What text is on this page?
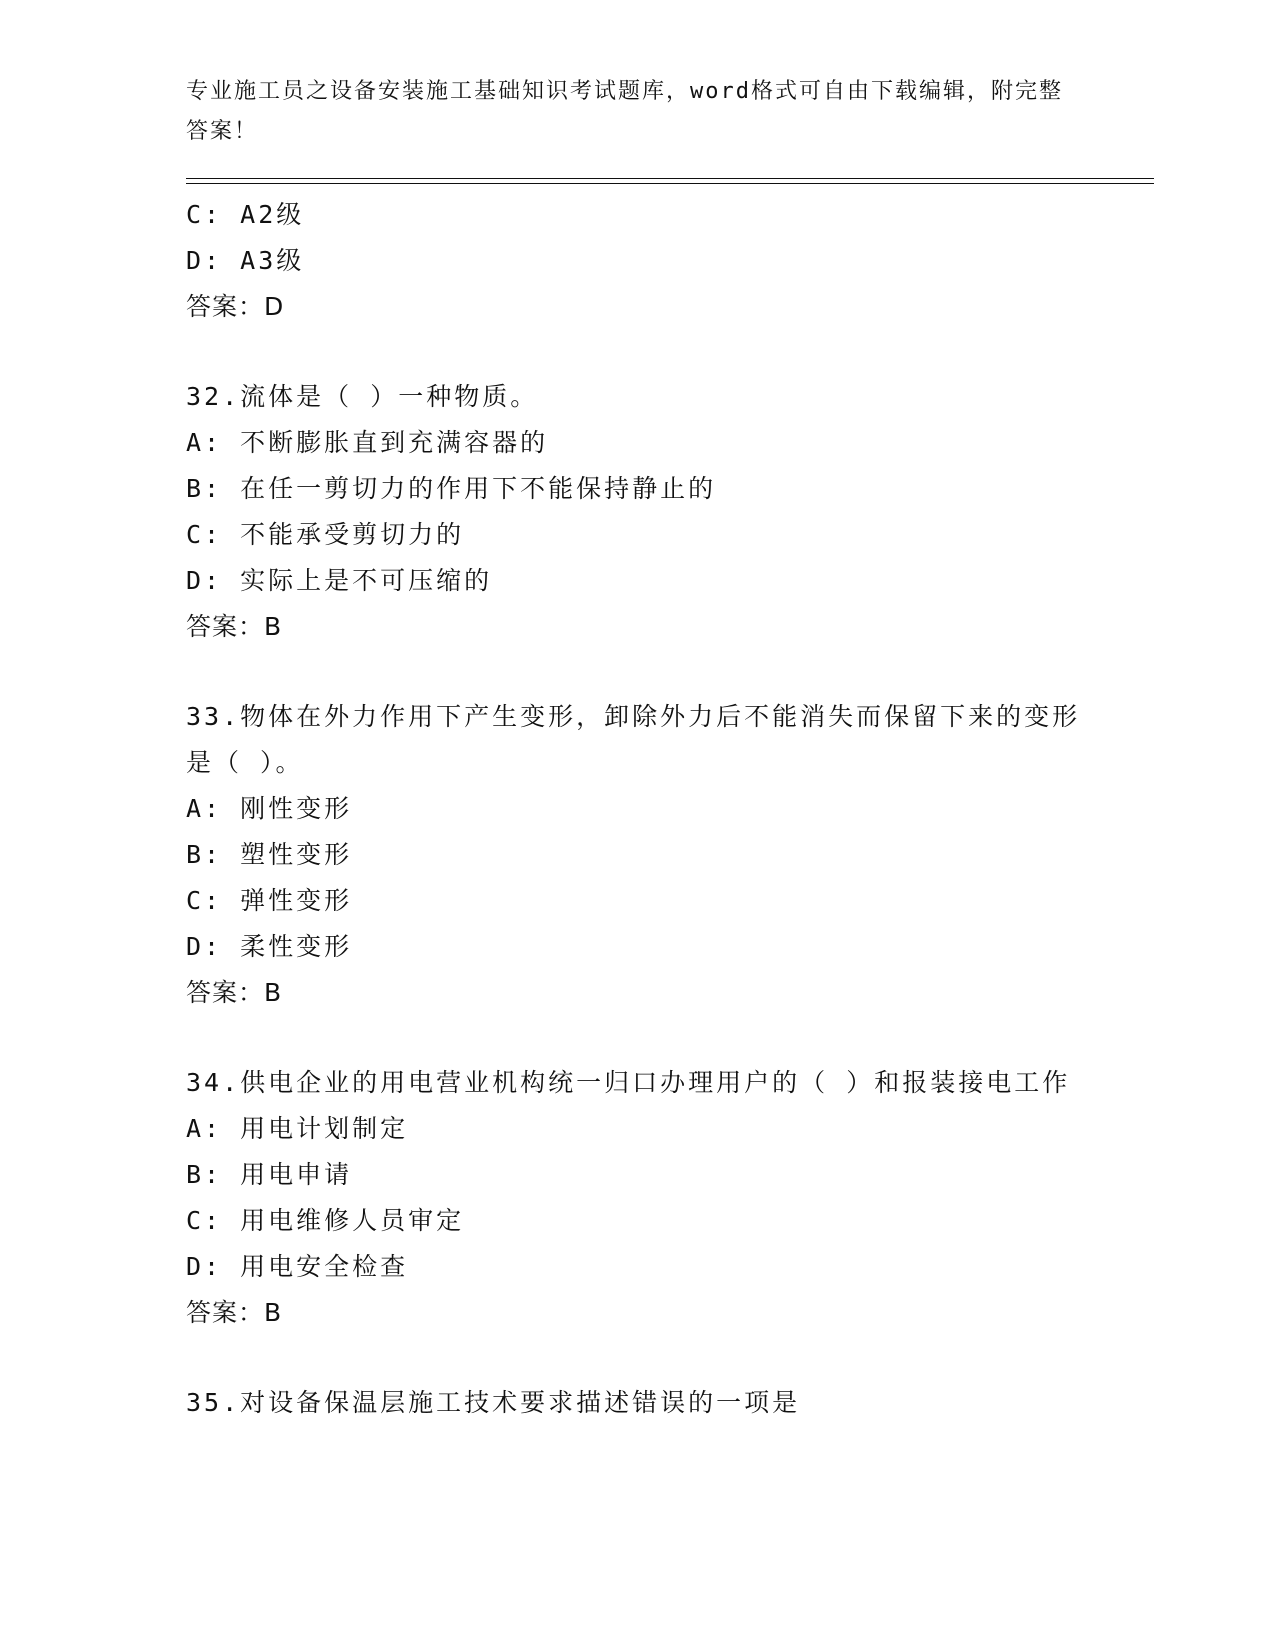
专业施工员之设备安装施工基础知识考试题库，word格式可自由下载编辑，附完整答案！

C: A2级

D: A3级

答案：D

32.流体是（ ）一种物质。

A: 不断膨胀直到充满容器的

B: 在任一剪切力的作用下不能保持静止的

C: 不能承受剪切力的

D: 实际上是不可压缩的

答案：B

33.物体在外力作用下产生变形，卸除外力后不能消失而保留下来的变形是（ ）。

A: 刚性变形

B: 塑性变形

C: 弹性变形

D: 柔性变形

答案：B

34.供电企业的用电营业机构统一归口办理用户的（ ）和报装接电工作

A: 用电计划制定

B: 用电申请

C: 用电维修人员审定

D: 用电安全检查

答案：B

35.对设备保温层施工技术要求描述错误的一项是
